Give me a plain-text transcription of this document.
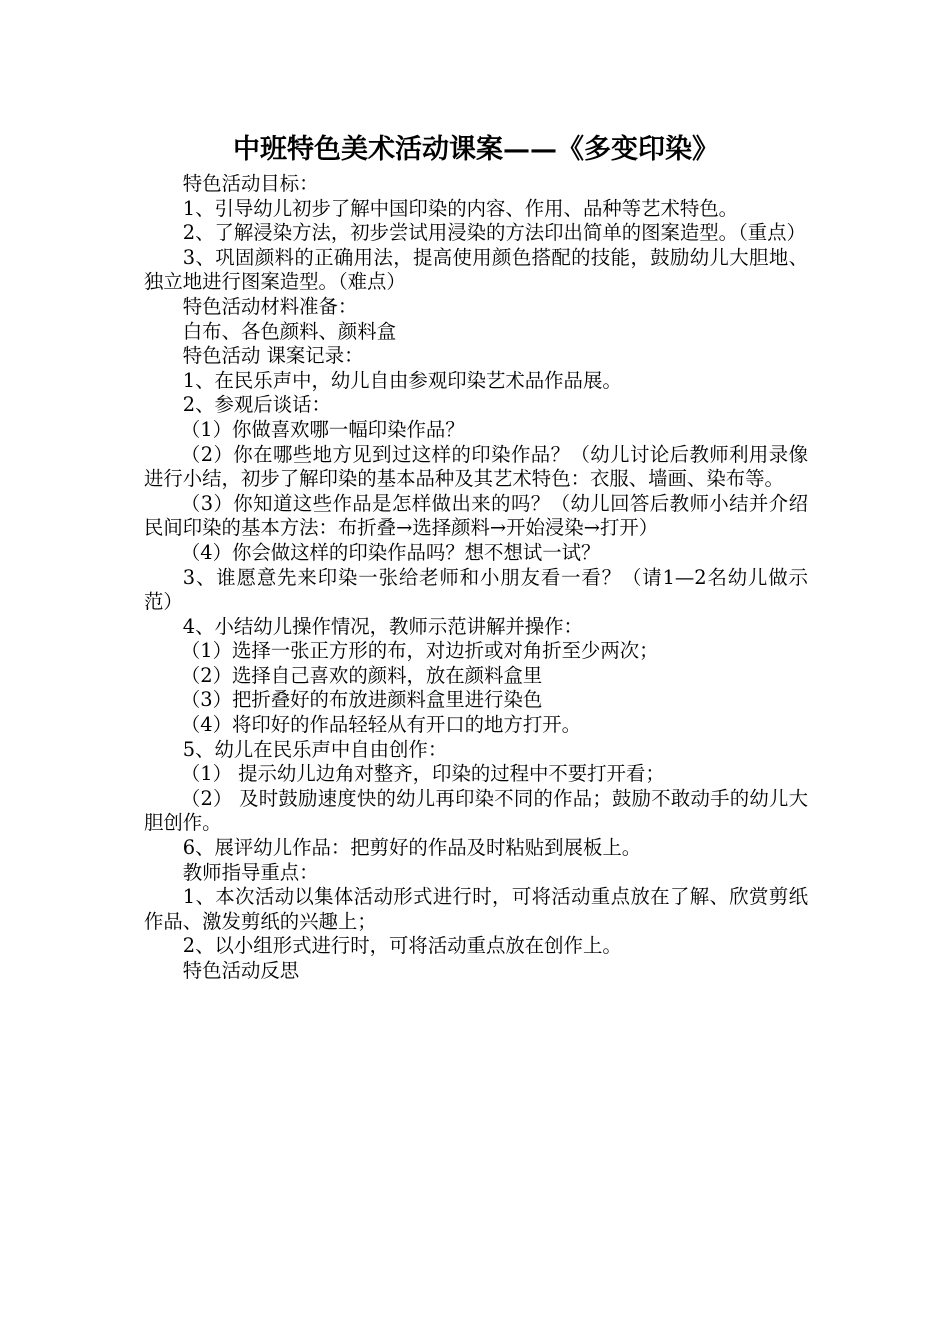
中班特色美术活动课案——《多变印染》

特色活动目标：

1、引导幼儿初步了解中国印染的内容、作用、品种等艺术特色。

2、了解浸染方法，初步尝试用浸染的方法印出简单的图案造型。（重点）

3、巩固颜料的正确用法，提高使用颜色搭配的技能，鼓励幼儿大胆地、独立地进行图案造型。（难点）

特色活动材料准备：

白布、各色颜料、颜料盒

特色活动 课案记录：

1、在民乐声中，幼儿自由参观印染艺术品作品展。

2、参观后谈话：

（1）你做喜欢哪一幅印染作品？

（2）你在哪些地方见到过这样的印染作品？（幼儿讨论后教师利用录像进行小结，初步了解印染的基本品种及其艺术特色：衣服、墙画、染布等。

（3）你知道这些作品是怎样做出来的吗？（幼儿回答后教师小结并介绍民间印染的基本方法：布折叠→选择颜料→开始浸染→打开）

（4）你会做这样的印染作品吗？想不想试一试？

3、谁愿意先来印染一张给老师和小朋友看一看？（请1—2名幼儿做示范）

4、小结幼儿操作情况，教师示范讲解并操作：

（1）选择一张正方形的布，对边折或对角折至少两次；

（2）选择自己喜欢的颜料，放在颜料盒里

（3）把折叠好的布放进颜料盒里进行染色

（4）将印好的作品轻轻从有开口的地方打开。

5、幼儿在民乐声中自由创作：

（1） 提示幼儿边角对整齐，印染的过程中不要打开看；

（2） 及时鼓励速度快的幼儿再印染不同的作品；鼓励不敢动手的幼儿大胆创作。

6、展评幼儿作品：把剪好的作品及时粘贴到展板上。

教师指导重点：

1、本次活动以集体活动形式进行时，可将活动重点放在了解、欣赏剪纸作品、激发剪纸的兴趣上；

2、以小组形式进行时，可将活动重点放在创作上。

特色活动反思
